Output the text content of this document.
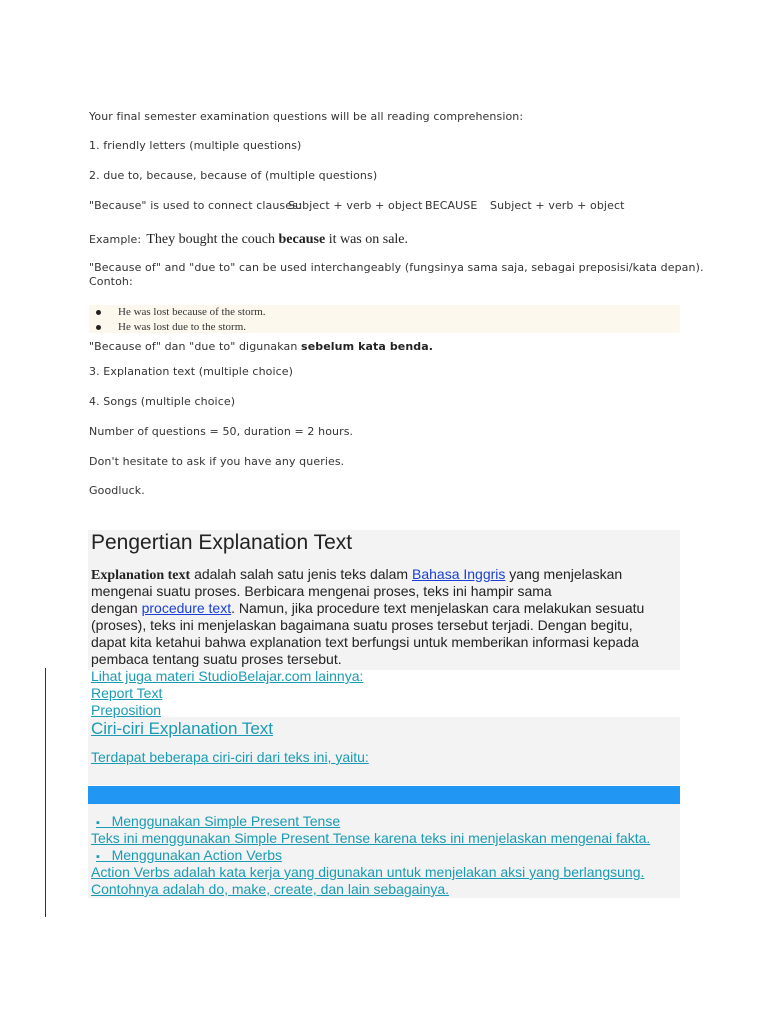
Your final semester examination questions will be all reading comprehension:
1. friendly letters (multiple questions)
2. due to, because, because of (multiple questions)
"Because" is used to connect clauses:
Subject + verb + object BECAUSE Subject + verb + object
Example: They bought the couch because it was on sale.
"Because of" and "due to" can be used interchangeably (fungsinya sama saja, sebagai preposisi/kata depan).
Contoh:
He was lost because of the storm.
He was lost due to the storm.
"Because of" dan "due to" digunakan sebelum kata benda.
3. Explanation text (multiple choice)
4. Songs (multiple choice)
Number of questions = 50, duration = 2 hours.
Don't hesitate to ask if you have any queries.
Goodluck.
Pengertian Explanation Text
Explanation text adalah salah satu jenis teks dalam Bahasa Inggris yang menjelaskan
mengenai suatu proses. Berbicara mengenai proses, teks ini hampir sama
dengan procedure text. Namun, jika procedure text menjelaskan cara melakukan sesuatu
(proses), teks ini menjelaskan bagaimana suatu proses tersebut terjadi. Dengan begitu,
dapat kita ketahui bahwa explanation text berfungsi untuk memberikan informasi kepada
pembaca tentang suatu proses tersebut.
Lihat juga materi StudioBelajar.com lainnya:
Report Text
Preposition
Ciri-ciri Explanation Text
Terdapat beberapa ciri-ciri dari teks ini, yaitu:
▪ Menggunakan Simple Present Tense
Teks ini menggunakan Simple Present Tense karena teks ini menjelaskan mengenai fakta.
▪ Menggunakan Action Verbs
Action Verbs adalah kata kerja yang digunakan untuk menjelakan aksi yang berlangsung.
Contohnya adalah do, make, create, dan lain sebagainya.
